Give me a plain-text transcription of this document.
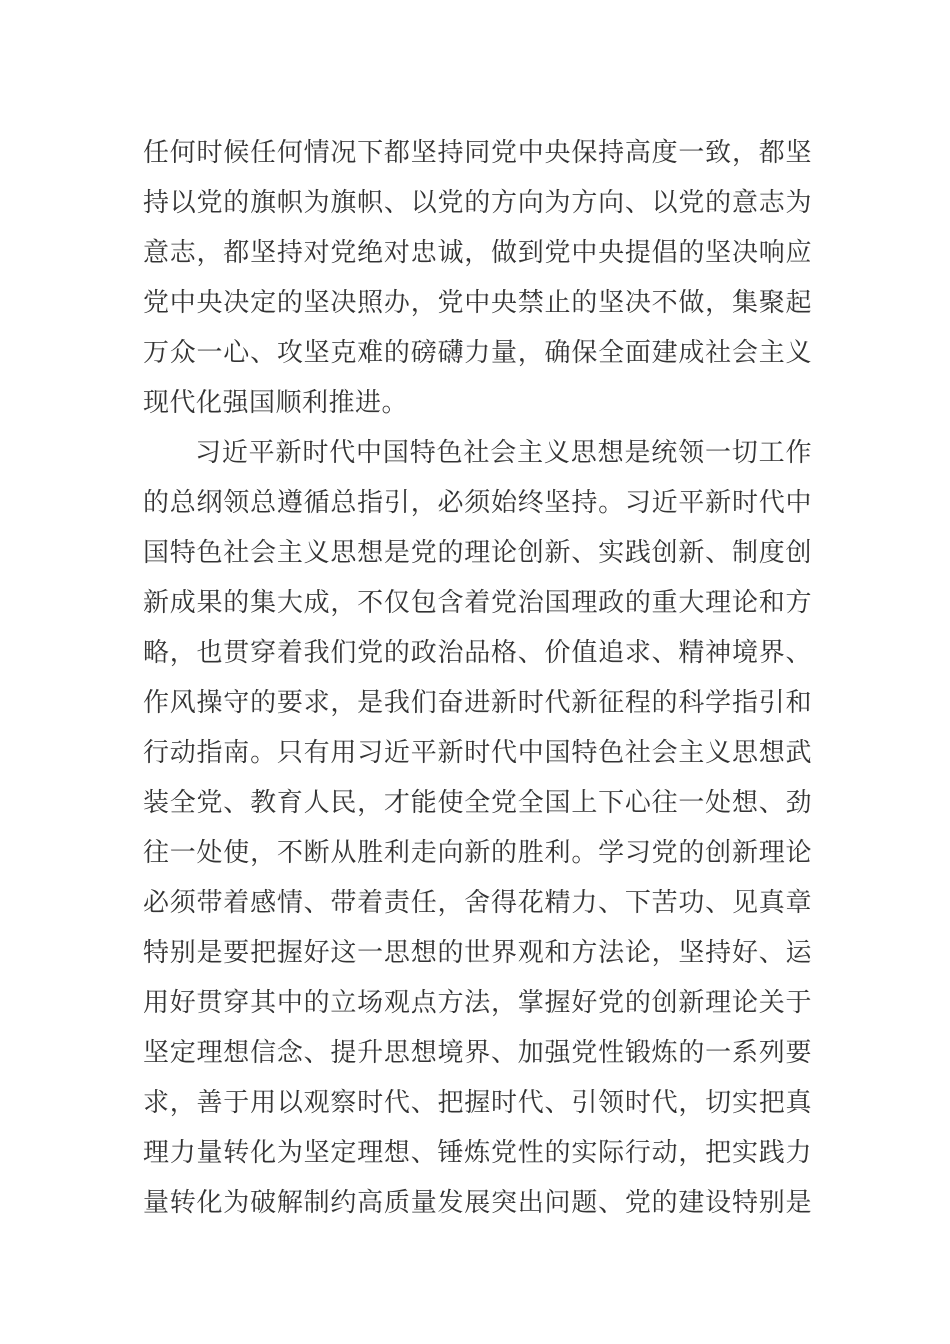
任何时候任何情况下都坚持同党中央保持高度一致，都坚
持以党的旗帜为旗帜、以党的方向为方向、以党的意志为
意志，都坚持对党绝对忠诚，做到党中央提倡的坚决响应
党中央决定的坚决照办，党中央禁止的坚决不做，集聚起
万众一心、攻坚克难的磅礴力量，确保全面建成社会主义
现代化强国顺利推进。
习近平新时代中国特色社会主义思想是统领一切工作
的总纲领总遵循总指引，必须始终坚持。习近平新时代中
国特色社会主义思想是党的理论创新、实践创新、制度创
新成果的集大成，不仅包含着党治国理政的重大理论和方
略，也贯穿着我们党的政治品格、价值追求、精神境界、
作风操守的要求，是我们奋进新时代新征程的科学指引和
行动指南。只有用习近平新时代中国特色社会主义思想武
装全党、教育人民，才能使全党全国上下心往一处想、劲
往一处使，不断从胜利走向新的胜利。学习党的创新理论
必须带着感情、带着责任，舍得花精力、下苦功、见真章
特别是要把握好这一思想的世界观和方法论，坚持好、运
用好贯穿其中的立场观点方法，掌握好党的创新理论关于
坚定理想信念、提升思想境界、加强党性锻炼的一系列要
求，善于用以观察时代、把握时代、引领时代，切实把真
理力量转化为坚定理想、锤炼党性的实际行动，把实践力
量转化为破解制约高质量发展突出问题、党的建设特别是
